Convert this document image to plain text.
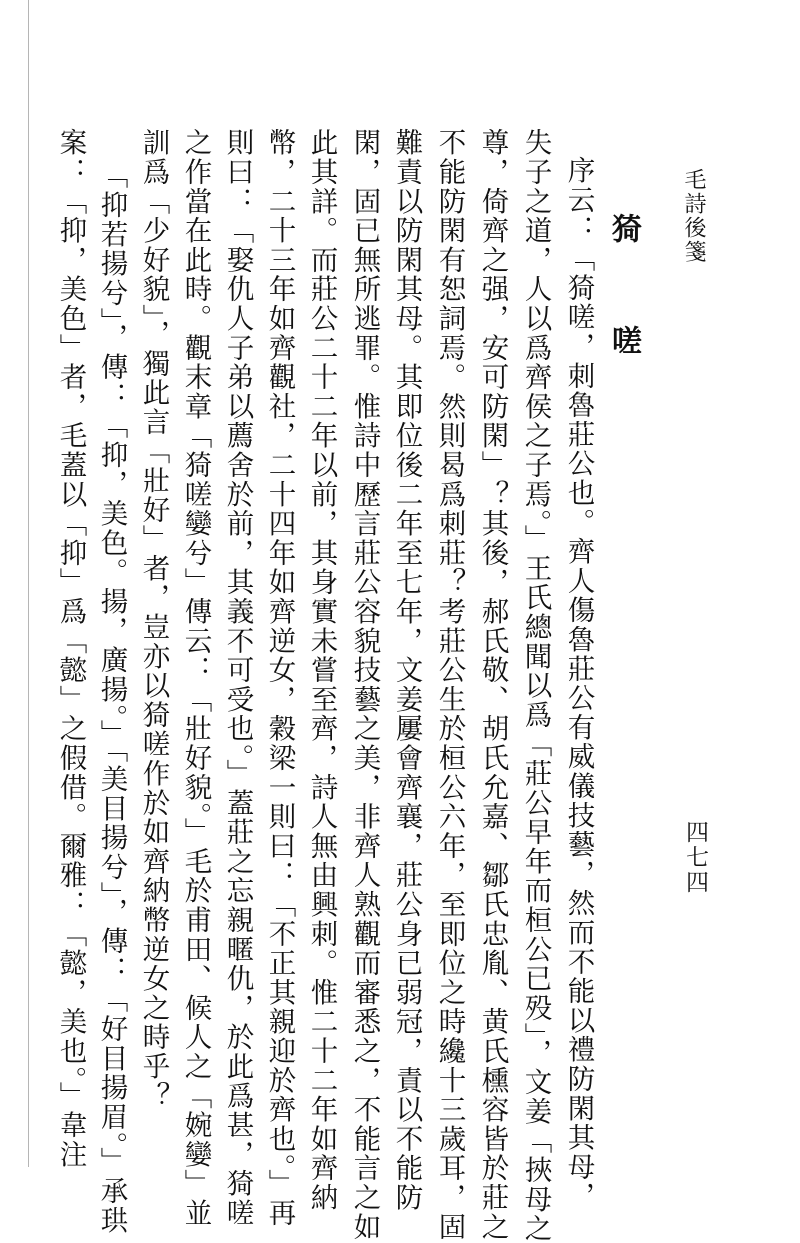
毛詩後箋
四七四
猗　嗟
序云：「猗嗟，刺魯莊公也。齊人傷魯莊公有威儀技藝，然而不能以禮防閑其母，
失子之道，人以爲齊侯之子焉。」王氏總聞以爲「莊公早年而桓公已殁」，文姜「挾母之
尊，倚齊之强，安可防閑」？其後，郝氏敬、胡氏允嘉、鄒氏忠胤、黄氏櫄容皆於莊之
不能防閑有恕詞焉。然則曷爲刺莊？考莊公生於桓公六年，至即位之時纔十三歲耳，固
難責以防閑其母。其即位後二年至七年，文姜屢會齊襄，莊公身已弱冠，責以不能防
閑，固已無所逃罪。惟詩中歷言莊公容貌技藝之美，非齊人熟觀而審悉之，不能言之如
此其詳。而莊公二十二年以前，其身實未嘗至齊，詩人無由興刺。惟二十二年如齊納
幣，二十三年如齊觀社，二十四年如齊逆女，穀梁一則曰：「不正其親迎於齊也。」再
則曰：「娶仇人子弟以薦舍於前，其義不可受也。」蓋莊之忘親暱仇，於此爲甚，猗嗟
之作當在此時。觀末章「猗嗟孌兮」傳云：「壯好貌。」毛於甫田、候人之「婉孌」並
訓爲「少好貌」，獨此言「壯好」者，豈亦以猗嗟作於如齊納幣逆女之時乎？
「抑若揚兮」，傳：「抑，美色。揚，廣揚。」「美目揚兮」，傳：「好目揚眉。」承珙
案：「抑，美色」者，毛蓋以「抑」爲「懿」之假借。爾雅：「懿，美也。」韋注
